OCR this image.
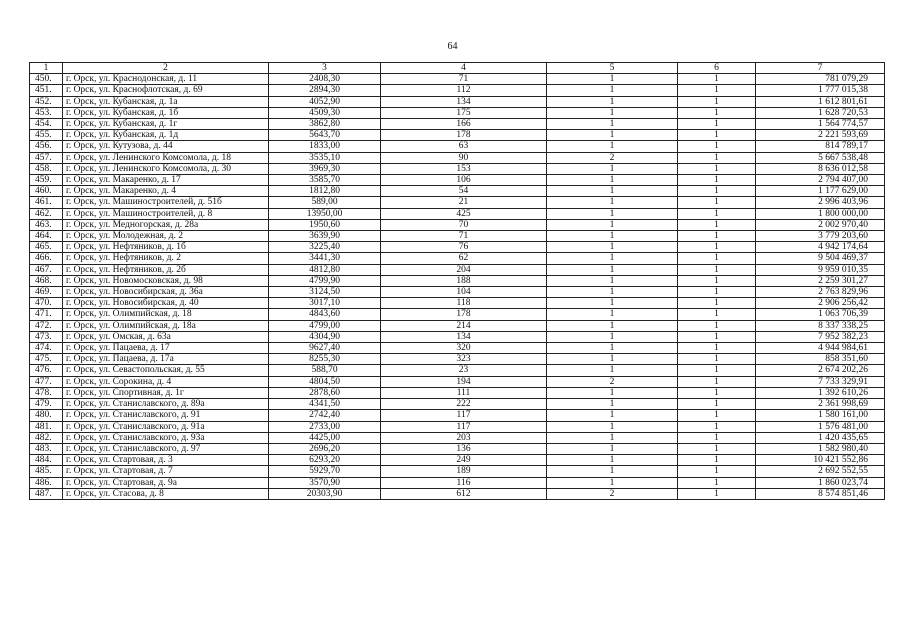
64
1	2	3	4	5	6	7
450.	г. Орск, ул. Краснодонская, д. 11	2408,30	71	1	1	781 079,29
451.	г. Орск, ул. Краснофлотская, д. 69	2894,30	112	1	1	1 777 015,38
452.	г. Орск, ул. Кубанская, д. 1а	4052,90	134	1	1	1 612 801,61
453.	г. Орск, ул. Кубанская, д. 1б	4509,30	175	1	1	1 628 720,53
454.	г. Орск, ул. Кубанская, д. 1г	3862,80	166	1	1	1 564 774,57
455.	г. Орск, ул. Кубанская, д. 1д	5643,70	178	1	1	2 221 593,69
456.	г. Орск, ул. Кутузова, д. 44	1833,00	63	1	1	814 789,17
457.	г. Орск, ул. Ленинского Комсомола, д. 18	3535,10	90	2	1	5 667 538,48
458.	г. Орск, ул. Ленинского Комсомола, д. 30	3969,30	153	1	1	8 636 012,58
459.	г. Орск, ул. Макаренко, д. 17	3585,70	106	1	1	2 794 407,00
460.	г. Орск, ул. Макаренко, д. 4	1812,80	54	1	1	1 177 629,00
461.	г. Орск, ул. Машиностроителей, д. 51б	589,00	21	1	1	2 996 403,96
462.	г. Орск, ул. Машиностроителей, д. 8	13950,00	425	1	1	1 800 000,00
463.	г. Орск, ул. Медногорская, д. 28а	1950,60	70	1	1	2 002 970,40
464.	г. Орск, ул. Молодежная, д. 2	3639,90	71	1	1	3 779 203,60
465.	г. Орск, ул. Нефтяников, д. 1б	3225,40	76	1	1	4 942 174,64
466.	г. Орск, ул. Нефтяников, д. 2	3441,30	62	1	1	9 504 469,37
467.	г. Орск, ул. Нефтяников, д. 2б	4812,80	204	1	1	9 959 010,35
468.	г. Орск, ул. Новомосковская, д. 98	4799,90	188	1	1	2 259 301,27
469.	г. Орск, ул. Новосибирская, д. 36а	3124,50	104	1	1	2 763 829,96
470.	г. Орск, ул. Новосибирская, д. 40	3017,10	118	1	1	2 906 256,42
471.	г. Орск, ул. Олимпийская, д. 18	4843,60	178	1	1	1 063 706,39
472.	г. Орск, ул. Олимпийская, д. 18а	4799,00	214	1	1	8 337 338,25
473.	г. Орск, ул. Омская, д. 63а	4304,90	134	1	1	7 952 382,23
474.	г. Орск, ул. Пацаева, д. 17	9627,40	320	1	1	4 944 984,61
475.	г. Орск, ул. Пацаева, д. 17а	8255,30	323	1	1	858 351,60
476.	г. Орск, ул. Севастопольская, д. 55	588,70	23	1	1	2 674 202,26
477.	г. Орск, ул. Сорокина, д. 4	4804,50	194	2	1	7 733 329,91
478.	г. Орск, ул. Спортивная, д. 1г	2878,60	111	1	1	1 392 610,26
479.	г. Орск, ул. Станиславского, д. 89а	4341,50	222	1	1	2 361 998,69
480.	г. Орск, ул. Станиславского, д. 91	2742,40	117	1	1	1 580 161,00
481.	г. Орск, ул. Станиславского, д. 91а	2733,00	117	1	1	1 576 481,00
482.	г. Орск, ул. Станиславского, д. 93а	4425,00	203	1	1	1 420 435,65
483.	г. Орск, ул. Станиславского, д. 97	2696,20	136	1	1	1 582 980,40
484.	г. Орск, ул. Стартовая, д. 3	6293,20	249	1	1	10 421 552,86
485.	г. Орск, ул. Стартовая, д. 7	5929,70	189	1	1	2 692 552,55
486.	г. Орск, ул. Стартовая, д. 9а	3570,90	116	1	1	1 860 023,74
487.	г. Орск, ул. Стасова, д. 8	20303,90	612	2	1	8 574 851,46
